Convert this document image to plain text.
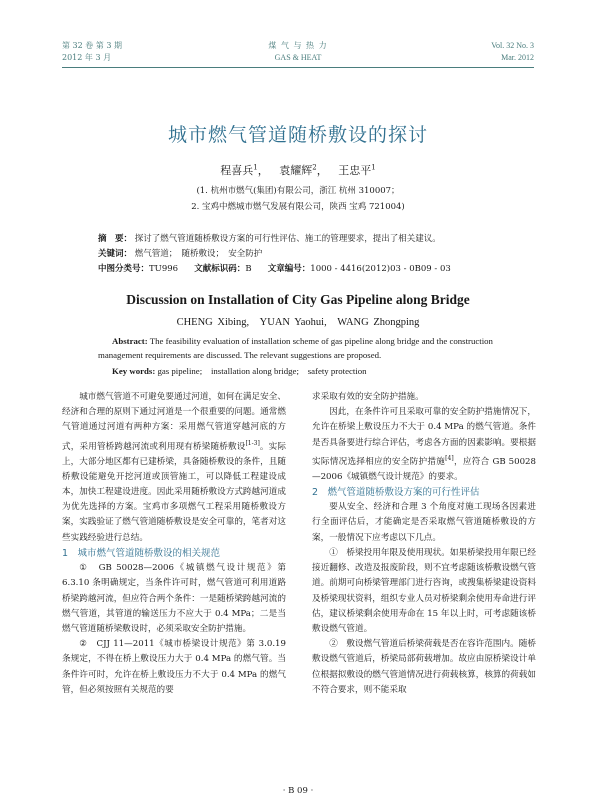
第 32 卷 第 3 期
2012 年 3 月
煤 气 与 热 力
GAS & HEAT
Vol. 32 No. 3
Mar. 2012
城市燃气管道随桥敷设的探讨
程喜兵$^1$，   袁耀辉$^2$，   王忠平$^1$
(1. 杭州市燃气(集团)有限公司，浙江 杭州 310007；
2. 宝鸡中燃城市燃气发展有限公司，陕西 宝鸡 721004)
摘　要： 探讨了燃气管道随桥敷设方案的可行性评估、施工的管理要求，提出了相关建议。
关键词： 燃气管道；　随桥敷设；　安全防护
中图分类号：TU996 文献标识码：B 文章编号：1000 - 4416(2012)03 - 0B09 - 03
Discussion on Installation of City Gas Pipeline along Bridge
CHENG Xibing,　YUAN Yaohui,　WANG Zhongping
Abstract: The feasibility evaluation of installation scheme of gas pipeline along bridge and the construction management requirements are discussed. The relevant suggestions are proposed.
Key words: gas pipeline;　installation along bridge;　safety protection

城市燃气管道不可避免要通过河道，如何在满足安全、经济和合理的原则下通过河道是一个很重要的问题。通常燃气管道通过河道有两种方案：采用燃气管道穿越河底的方式，采用管桥跨越河流或利用现有桥梁随桥敷设[1-3]。实际上，大部分地区都有已建桥梁，具备随桥敷设的条件，且随桥敷设能避免开挖河道或顶管施工，可以降低工程建设成本，加快工程建设进度。因此采用随桥敷设方式跨越河道成为优先选择的方案。宝鸡市多项燃气工程采用随桥敷设方案，实践验证了燃气管道随桥敷设是安全可靠的，笔者对这些实践经验进行总结。

1　城市燃气管道随桥敷设的相关规范

①　GB 50028—2006《城镇燃气设计规范》第 6.3.10 条明确规定，当条件许可时，燃气管道可利用道路桥梁跨越河流，但应符合两个条件：一是随桥梁跨越河流的燃气管道，其管道的输送压力不应大于 0.4 MPa；二是当燃气管道随桥梁敷设时，必须采取安全防护措施。

②　CJJ 11—2011《城市桥梁设计规范》第 3.0.19 条规定，不得在桥上敷设压力大于 0.4 MPa 的燃气管。当条件许可时，允许在桥上敷设压力不大于 0.4 MPa 的燃气管，但必须按照有关规范的要

求采取有效的安全防护措施。

因此，在条件许可且采取可靠的安全防护措施情况下，允许在桥梁上敷设压力不大于 0.4 MPa 的燃气管道。条件是否具备要进行综合评估，考虑各方面的因素影响。要根据实际情况选择相应的安全防护措施[4]，应符合 GB 50028—2006《城镇燃气设计规范》的要求。

2　燃气管道随桥敷设方案的可行性评估

要从安全、经济和合理 3 个角度对施工现场各因素进行全面评估后，才能确定是否采取燃气管道随桥敷设的方案，一般情况下应考虑以下几点。

①　桥梁投用年限及使用现状。如果桥梁投用年限已经接近翻修、改造及报废阶段，则不宜考虑随该桥敷设燃气管道。前期可向桥梁管理部门进行咨询，或搜集桥梁建设资料及桥梁现状资料，组织专业人员对桥梁剩余使用寿命进行评估，建议桥梁剩余使用寿命在 15 年以上时，可考虑随该桥敷设燃气管道。

②　敷设燃气管道后桥梁荷载是否在容许范围内。随桥敷设燃气管道后，桥梁局部荷载增加。故应由原桥梁设计单位根据拟敷设的燃气管道情况进行荷载核算，核算的荷载如不符合要求，则不能采取

· B 09 ·
